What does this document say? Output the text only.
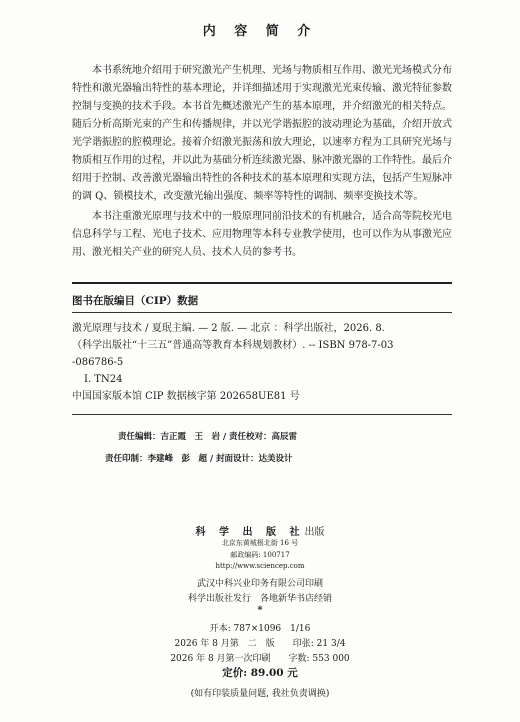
内 容 简 介

本书系统地介绍用于研究激光产生机理、光场与物质相互作用、激光光场模式分布特性和激光器输出特性的基本理论，并详细描述用于实现激光光束传输、激光特征参数控制与变换的技术手段。本书首先概述激光产生的基本原理，并介绍激光的相关特点。随后分析高斯光束的产生和传播规律，并以光学谐振腔的波动理论为基础，介绍开放式光学谐振腔的腔模理论。接着介绍激光振荡和放大理论，以速率方程为工具研究光场与物质相互作用的过程，并以此为基础分析连续激光器、脉冲激光器的工作特性。最后介绍用于控制、改善激光器输出特性的各种技术的基本原理和实现方法，包括产生短脉冲的调 Q、锁模技术，改变激光输出强度、频率等特性的调制、频率变换技术等。

本书注重激光原理与技术中的一般原理同前沿技术的有机融合，适合高等院校光电信息科学与工程、光电子技术、应用物理等本科专业教学使用，也可以作为从事激光应用、激光相关产业的研究人员、技术人员的参考书。

图书在版编目（CIP）数据
激光原理与技术 / 夏珉主编. — 2 版. — 北京 ：科学出版社，2026. 8.
（科学出版社“十三五”普通高等教育本科规划教材）. -- ISBN 978-7-03
-086786-5
Ⅰ. TN24
中国国家版本馆 CIP 数据核字第 202658UE81 号
责任编辑：吉正霞　王　岩 / 责任校对：高辰雷
责任印制：李建峰　彭　超 / 封面设计：达美设计
科 学 出 版 社出版
北京东黄城根北街 16 号
邮政编码: 100717
http://www.sciencep.com
武汉中科兴业印务有限公司印刷
科学出版社发行　各地新华书店经销
*
开本: 787×1096　1/16
2026 年 8 月第　二　版　　印张: 21 3/4
2026 年 8 月第一次印刷　　字数: 553 000
定价: 89.00 元
(如有印装质量问题, 我社负责调换)
